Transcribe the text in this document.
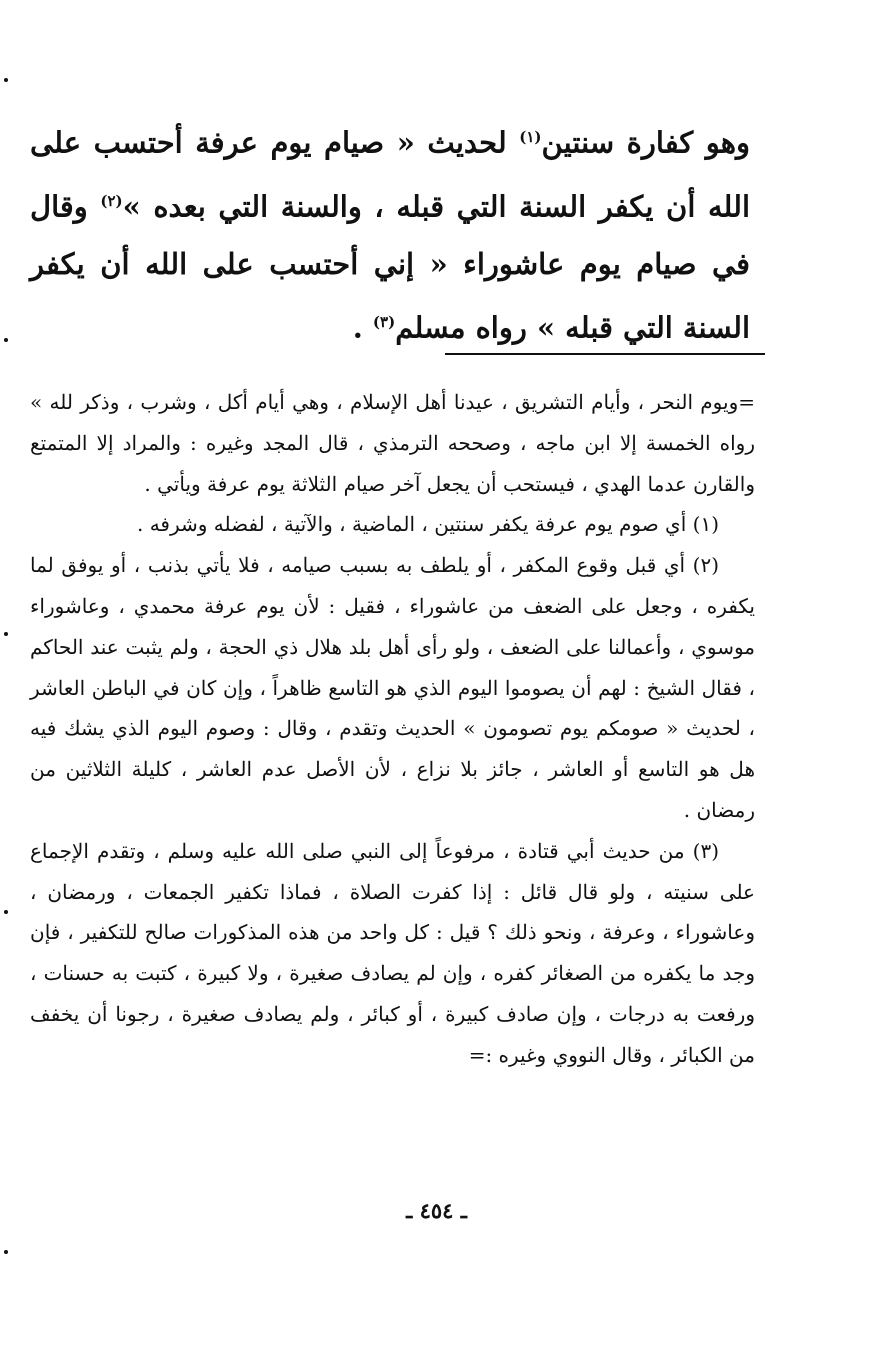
وهو كفارة سنتين$^{(١)}$ لحديث « صيام يوم عرفة أحتسب على الله أن يكفر السنة التي قبله ، والسنة التي بعده »$^{(٢)}$ وقال في صيام يوم عاشوراء « إني أحتسب على الله أن يكفر السنة التي قبله » رواه مسلم$^{(٣)}$ .

=ويوم النحر ، وأيام التشريق ، عيدنا أهل الإسلام ، وهي أيام أكل ، وشرب ، وذكر لله » رواه الخمسة إلا ابن ماجه ، وصححه الترمذي ، قال المجد وغيره : والمراد إلا المتمتع والقارن عدما الهدي ، فيستحب أن يجعل آخر صيام الثلاثة يوم عرفة ويأتي .

(١) أي صوم يوم عرفة يكفر سنتين ، الماضية ، والآتية ، لفضله وشرفه .

(٢) أي قبل وقوع المكفر ، أو يلطف به بسبب صيامه ، فلا يأتي بذنب ، أو يوفق لما يكفره ، وجعل على الضعف من عاشوراء ، فقيل : لأن يوم عرفة محمدي ، وعاشوراء موسوي ، وأعمالنا على الضعف ، ولو رأى أهل بلد هلال ذي الحجة ، ولم يثبت عند الحاكم ، فقال الشيخ : لهم أن يصوموا اليوم الذي هو التاسع ظاهراً ، وإن كان في الباطن العاشر ، لحديث « صومكم يوم تصومون » الحديث وتقدم ، وقال : وصوم اليوم الذي يشك فيه هل هو التاسع أو العاشر ، جائز بلا نزاع ، لأن الأصل عدم العاشر ، كليلة الثلاثين من رمضان .

(٣) من حديث أبي قتادة ، مرفوعاً إلى النبي صلى الله عليه وسلم ، وتقدم الإجماع على سنيته ، ولو قال قائل : إذا كفرت الصلاة ، فماذا تكفير الجمعات ، ورمضان ، وعاشوراء ، وعرفة ، ونحو ذلك ؟ قيل : كل واحد من هذه المذكورات صالح للتكفير ، فإن وجد ما يكفره من الصغائر كفره ، وإن لم يصادف صغيرة ، ولا كبيرة ، كتبت به حسنات ، ورفعت به درجات ، وإن صادف كبيرة ، أو كبائر ، ولم يصادف صغيرة ، رجونا أن يخفف من الكبائر ، وقال النووي وغيره :=

ـ ٤٥٤ ـ
